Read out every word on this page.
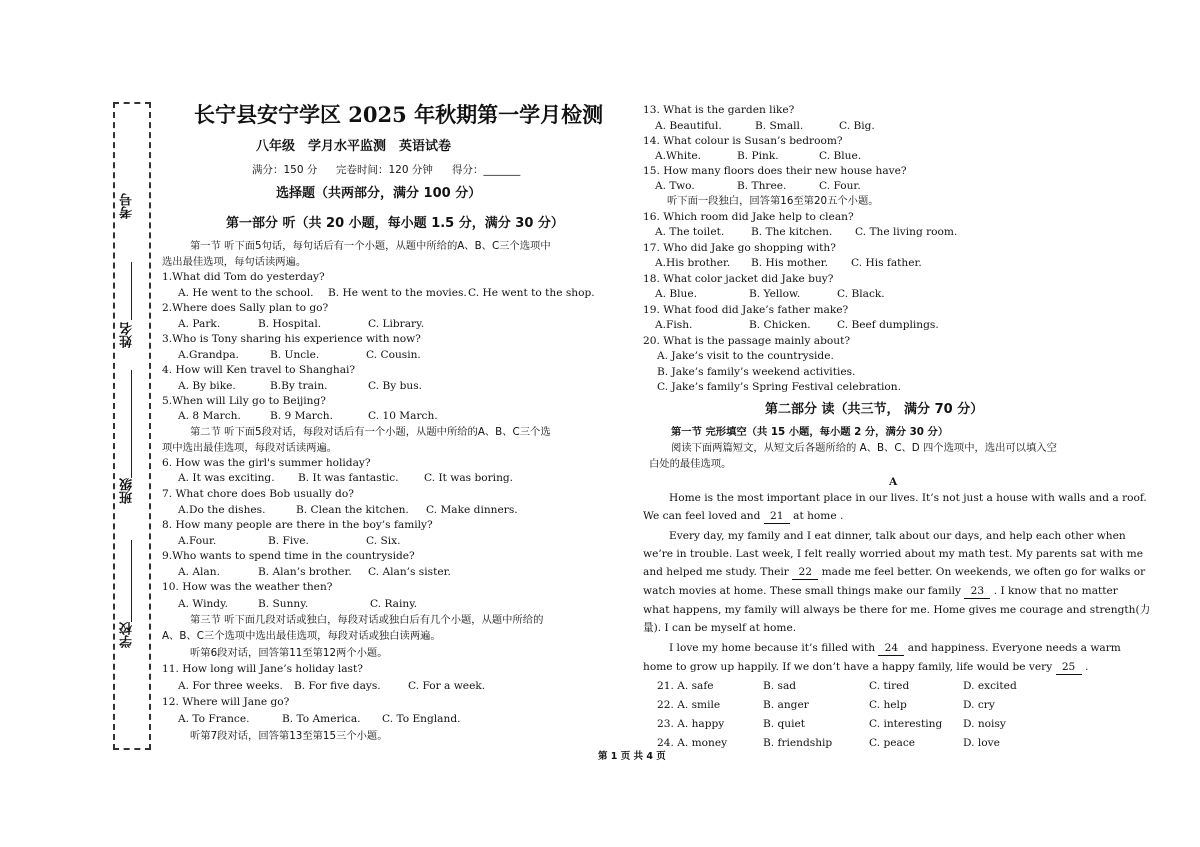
考号
姓名
班级
学校
长宁县安宁学区 2025 年秋期第一学月检测
八年级　学月水平监测　英语试卷
满分：150 分 完卷时间：120 分钟 得分：_______
选择题（共两部分，满分 100 分）
第一部分 听（共 20 小题，每小题 1.5 分，满分 30 分）
第一节 听下面5句话，每句话后有一个小题，从题中所给的A、B、C三个选项中
选出最佳选项，每句话读两遍。
1.What did Tom do yesterday?
A. He went to the school. B. He went to the movies. C. He went to the shop.
2.Where does Sally plan to go?
A. Park.	B. Hospital.	C. Library.
3.Who is Tony sharing his experience with now?
A.Grandpa.	B. Uncle.	C. Cousin.
4. How will Ken travel to Shanghai?
A. By bike.	B.By train.	C. By bus.
5.When will Lily go to Beijing?
A. 8 March.	B. 9 March.	C. 10 March.
第二节 听下面5段对话，每段对话后有一个小题，从题中所给的A、B、C三个选
项中选出最佳选项，每段对话读两遍。
6. How was the girl's summer holiday?
A. It was exciting. B. It was fantastic. C. It was boring.
7. What chore does Bob usually do?
A.Do the dishes.	B. Clean the kitchen. C. Make dinners.
8. How many people are there in the boy’s family?
A.Four.	B. Five.	C. Six.
9.Who wants to spend time in the countryside?
A. Alan.	B. Alan’s brother. C. Alan’s sister.
10. How was the weather then?
A. Windy.	B. Sunny.	C. Rainy.
第三节 听下面几段对话或独白，每段对话或独白后有几个小题，从题中所给的
A、B、C三个选项中选出最佳选项，每段对话或独白读两遍。
听第6段对话，回答第11至第12两个小题。
11. How long will Jane’s holiday last?
A. For three weeks. B. For five days.	C. For a week.
12. Where will Jane go?
A. To France.	B. To America. C. To England.
听第7段对话，回答第13至第15三个小题。
13. What is the garden like?
A. Beautiful.	B. Small.	C. Big.
14. What colour is Susan’s bedroom?
A.White.	B. Pink.	C. Blue.
15. How many floors does their new house have?
A. Two.	B. Three.	C. Four.
听下面一段独白，回答第16至第20五个小题。
16. Which room did Jake help to clean?
A. The toilet.	B. The kitchen. C. The living room.
17. Who did Jake go shopping with?
A.His brother. B. His mother. C. His father.
18. What color jacket did Jake buy?
A. Blue.	B. Yellow.	C. Black.
19. What food did Jake’s father make?
A.Fish.	B. Chicken. C. Beef dumplings.
20. What is the passage mainly about?
A. Jake’s visit to the countryside.
B. Jake’s family’s weekend activities.
C. Jake’s family’s Spring Festival celebration.
第二部分 读（共三节， 满分 70 分）
第一节 完形填空（共 15 小题，每小题 2 分，满分 30 分）
阅读下面两篇短文，从短文后各题所给的 A、B、C、D 四个选项中，选出可以填入空
白处的最佳选项。
A
Home is the most important place in our lives. It’s not just a house with walls and a roof.
We can feel loved and 21 at home .
Every day, my family and I eat dinner, talk about our days, and help each other when
we’re in trouble. Last week, I felt really worried about my math test. My parents sat with me
and helped me study. Their 22 made me feel better. On weekends, we often go for walks or
watch movies at home. These small things make our family 23 . I know that no matter
what happens, my family will always be there for me. Home gives me courage and strength(力
量). I can be myself at home.
I love my home because it’s filled with 24 and happiness. Everyone needs a warm
home to grow up happily. If we don’t have a happy family, life would be very 25 .
21. A. safe	B. sad	C. tired	D. excited
22. A. smile	B. anger	C. help	D. cry
23. A. happy	B. quiet	C. interesting D. noisy
24. A. money	B. friendship	C. peace	D. love
第 1 页 共 4 页
